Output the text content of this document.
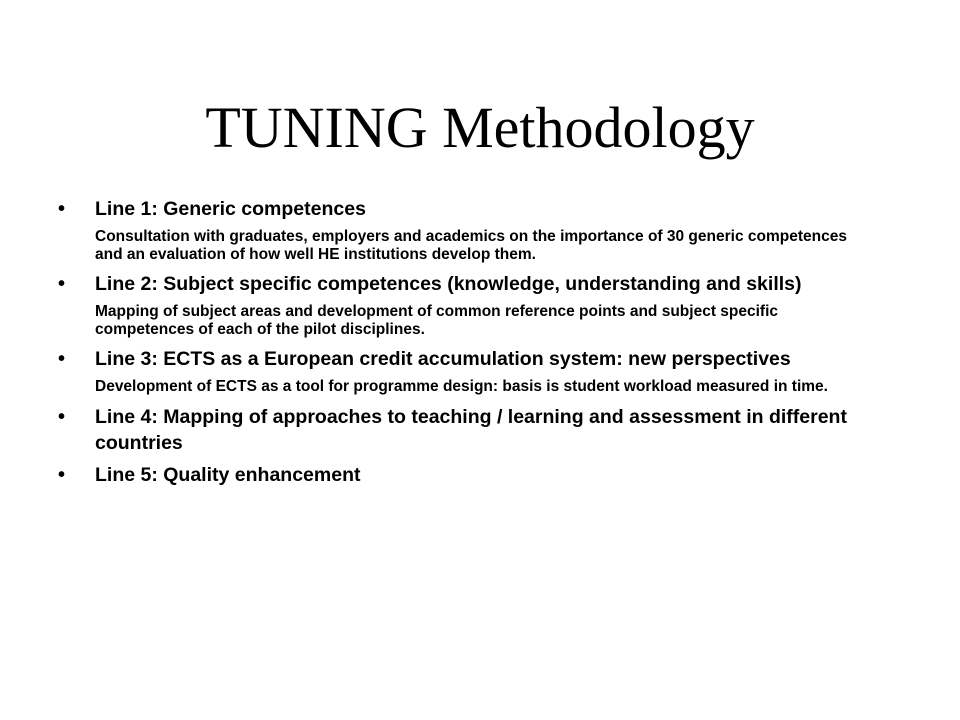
TUNING Methodology
• Line 1: Generic competences
Consultation with graduates, employers and academics on the importance of 30 generic competences and an evaluation of how well HE institutions develop them.
• Line 2: Subject specific competences (knowledge, understanding and skills)
Mapping of subject areas and development of common reference points and subject specific competences of each of the pilot disciplines.
• Line 3: ECTS as a European credit accumulation system: new perspectives
Development of ECTS as a tool for programme design: basis is student workload measured in time.
• Line 4: Mapping of approaches to teaching / learning and assessment in different countries
• Line 5: Quality enhancement
